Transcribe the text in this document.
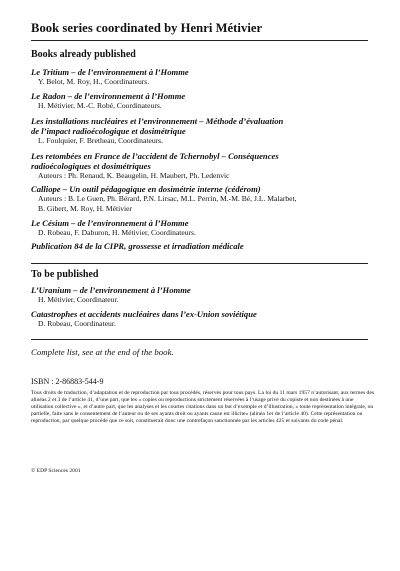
Book series coordinated by Henri Métivier
Books already published

Le Tritium – de l’environnement à l’Homme

Y. Belot, M. Roy, H., Coordinateurs.

Le Radon – de l’environnement à l’Homme

H. Métivier, M.-C. Robé, Coordinateurs.

Les installations nucléaires et l’environnement – Méthode d’évaluation

de l’impact radioécologique et dosimétrique

L. Foulquier, F. Bretheau, Coordinateurs.

Les retombées en France de l’accident de Tchernobyl – Conséquences

radioécologiques et dosimétriques

Auteurs : Ph. Renaud, K. Beaugelin, H. Maubert, Ph. Ledenvic

Calliope – Un outil pédagogique en dosimétrie interne (cédérom)

Auteurs : B. Le Guen, Ph. Bérard, P.N. Lirsac, M.L. Perrin, M.-M. Bé, J.L. Malarbet,

B. Gibert, M. Roy, H. Métivier

Le Césium – de l’environnement à l’Homme

D. Robeau, F. Daburon, H. Métivier, Coordinateurs.

Publication 84 de la CIPR, grossesse et irradiation médicale

To be published

L’Uranium – de l’environnement à l’Homme

H. Métivier, Coordinateur.

Catastrophes et accidents nucléaires dans l’ex-Union soviétique

D. Robeau, Coordinateur.

Complete list, see at the end of the book.
ISBN : 2-86883-544-9

Tous droits de traduction, d’adaptation et de reproduction par tous procédés, réservés pour tous pays. La loi du 11 mars 1957 n’autorisant, aux termes des alinéas 2 et 3 de l’article 41, d’une part, que les « copies ou reproductions strictement réservées à l’usage privé du copiste et non destinées à une utilisation collective », et d’autre part, que les analyses et les courtes citations dans un but d’exemple et d’illustration, « toute représentation intégrale, ou partielle, faite sans le consentement de l’auteur ou de ses ayants droit ou ayants cause est illicite» (alinéa 1er de l’article 40). Cette représentation ou reproduction, par quelque procédé que ce soit, constituerait donc une contrefaçon sanctionnée par les articles 425 et suivants du code pénal.

© EDP Sciences 2001
